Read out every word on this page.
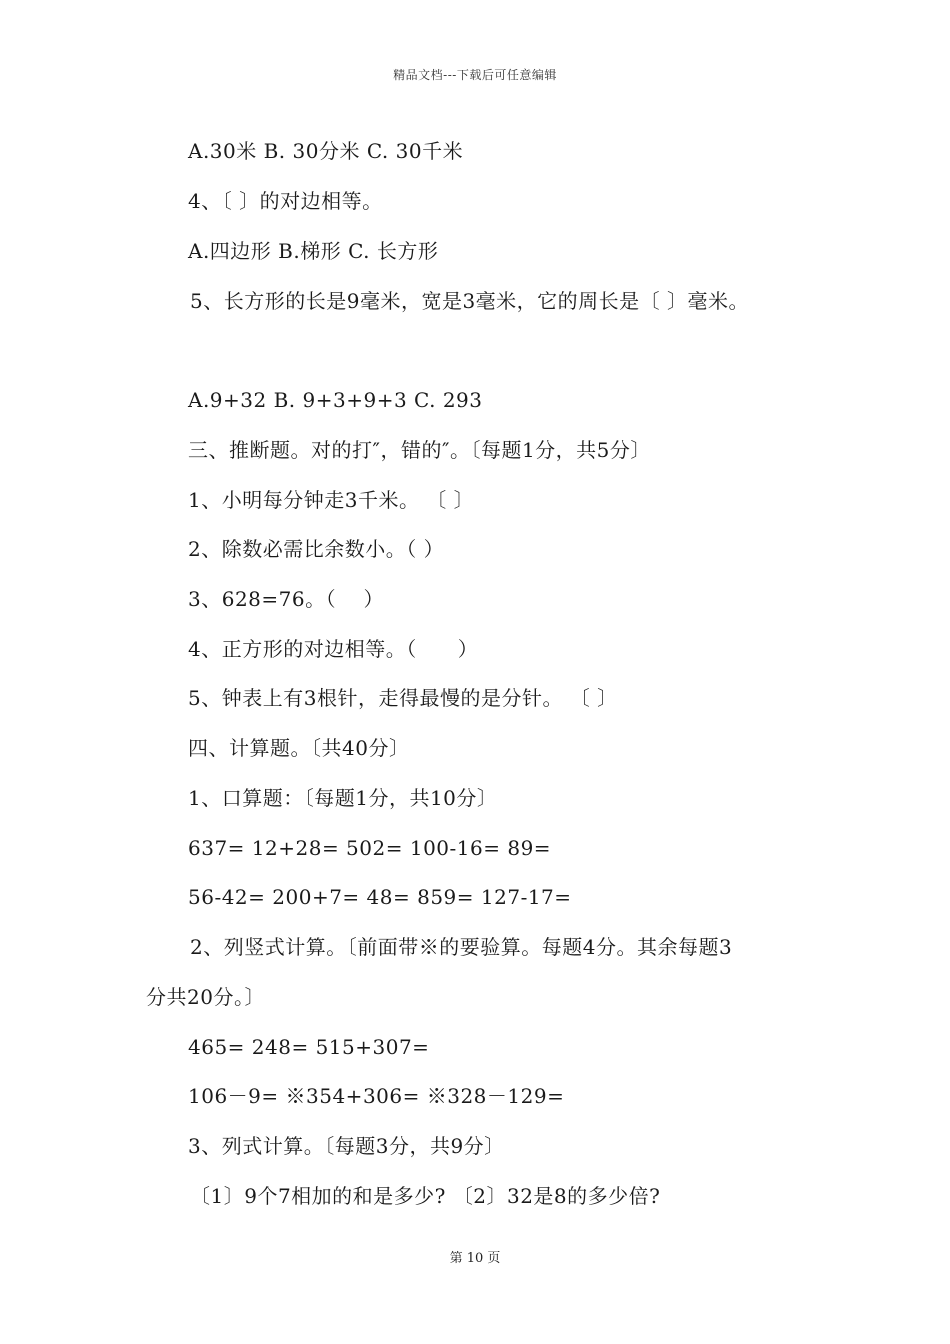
精品文档---下载后可任意编辑
A.30米 B. 30分米 C. 30千米
4、〔 〕的对边相等。
A.四边形 B.梯形 C. 长方形
5、长方形的长是9毫米，宽是3毫米，它的周长是〔 〕毫米。
A.9+32 B. 9+3+9+3 C. 293
三、推断题。对的打″，错的″。〔每题1分，共5分〕
1、小明每分钟走3千米。 〔 〕
2、除数必需比余数小。（ ）
3、628=76。（　 ）
4、正方形的对边相等。（　　）
5、钟表上有3根针，走得最慢的是分针。 〔 〕
四、计算题。〔共40分〕
1、口算题：〔每题1分，共10分〕
637= 12+28= 502= 100-16= 89=
56-42= 200+7= 48= 859= 127-17=
2、列竖式计算。〔前面带※的要验算。每题4分。其余每题3
分共20分。〕
465= 248= 515+307=
106－9= ※354+306= ※328－129=
3、列式计算。〔每题3分，共9分〕
〔1〕9个7相加的和是多少? 〔2〕32是8的多少倍?
第 10 页
